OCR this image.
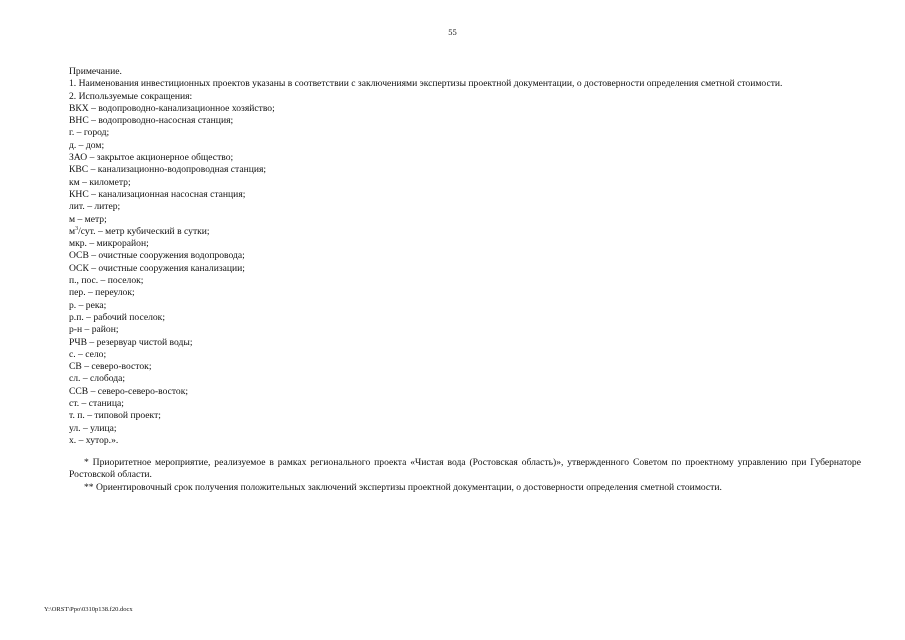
55
Примечание.
1. Наименования инвестиционных проектов указаны в соответствии с заключениями экспертизы проектной документации, о достоверности определения сметной стоимости.
2. Используемые сокращения:
ВКХ – водопроводно-канализационное хозяйство;
ВНС – водопроводно-насосная станция;
г. – город;
д. – дом;
ЗАО – закрытое акционерное общество;
КВС – канализационно-водопроводная станция;
км – километр;
КНС – канализационная насосная станция;
лит. – литер;
м – метр;
$м^3$/сут. – метр кубический в сутки;
мкр. – микрорайон;
ОСВ – очистные сооружения водопровода;
ОСК – очистные сооружения канализации;
п., пос. – поселок;
пер. – переулок;
р. – река;
р.п. – рабочий поселок;
р-н – район;
РЧВ – резервуар чистой воды;
с. – село;
СВ – северо-восток;
сл. – слобода;
ССВ – северо-северо-восток;
ст. – станица;
т. п. – типовой проект;
ул. – улица;
х. – хутор.».

* Приоритетное мероприятие, реализуемое в рамках регионального проекта «Чистая вода (Ростовская область)», утвержденного Советом по проектному управлению при Губернаторе Ростовской области.

** Ориентировочный срок получения положительных заключений экспертизы проектной документации, о достоверности определения сметной стоимости.

Y:\ORST\Ppo\0310p138.f20.docx
